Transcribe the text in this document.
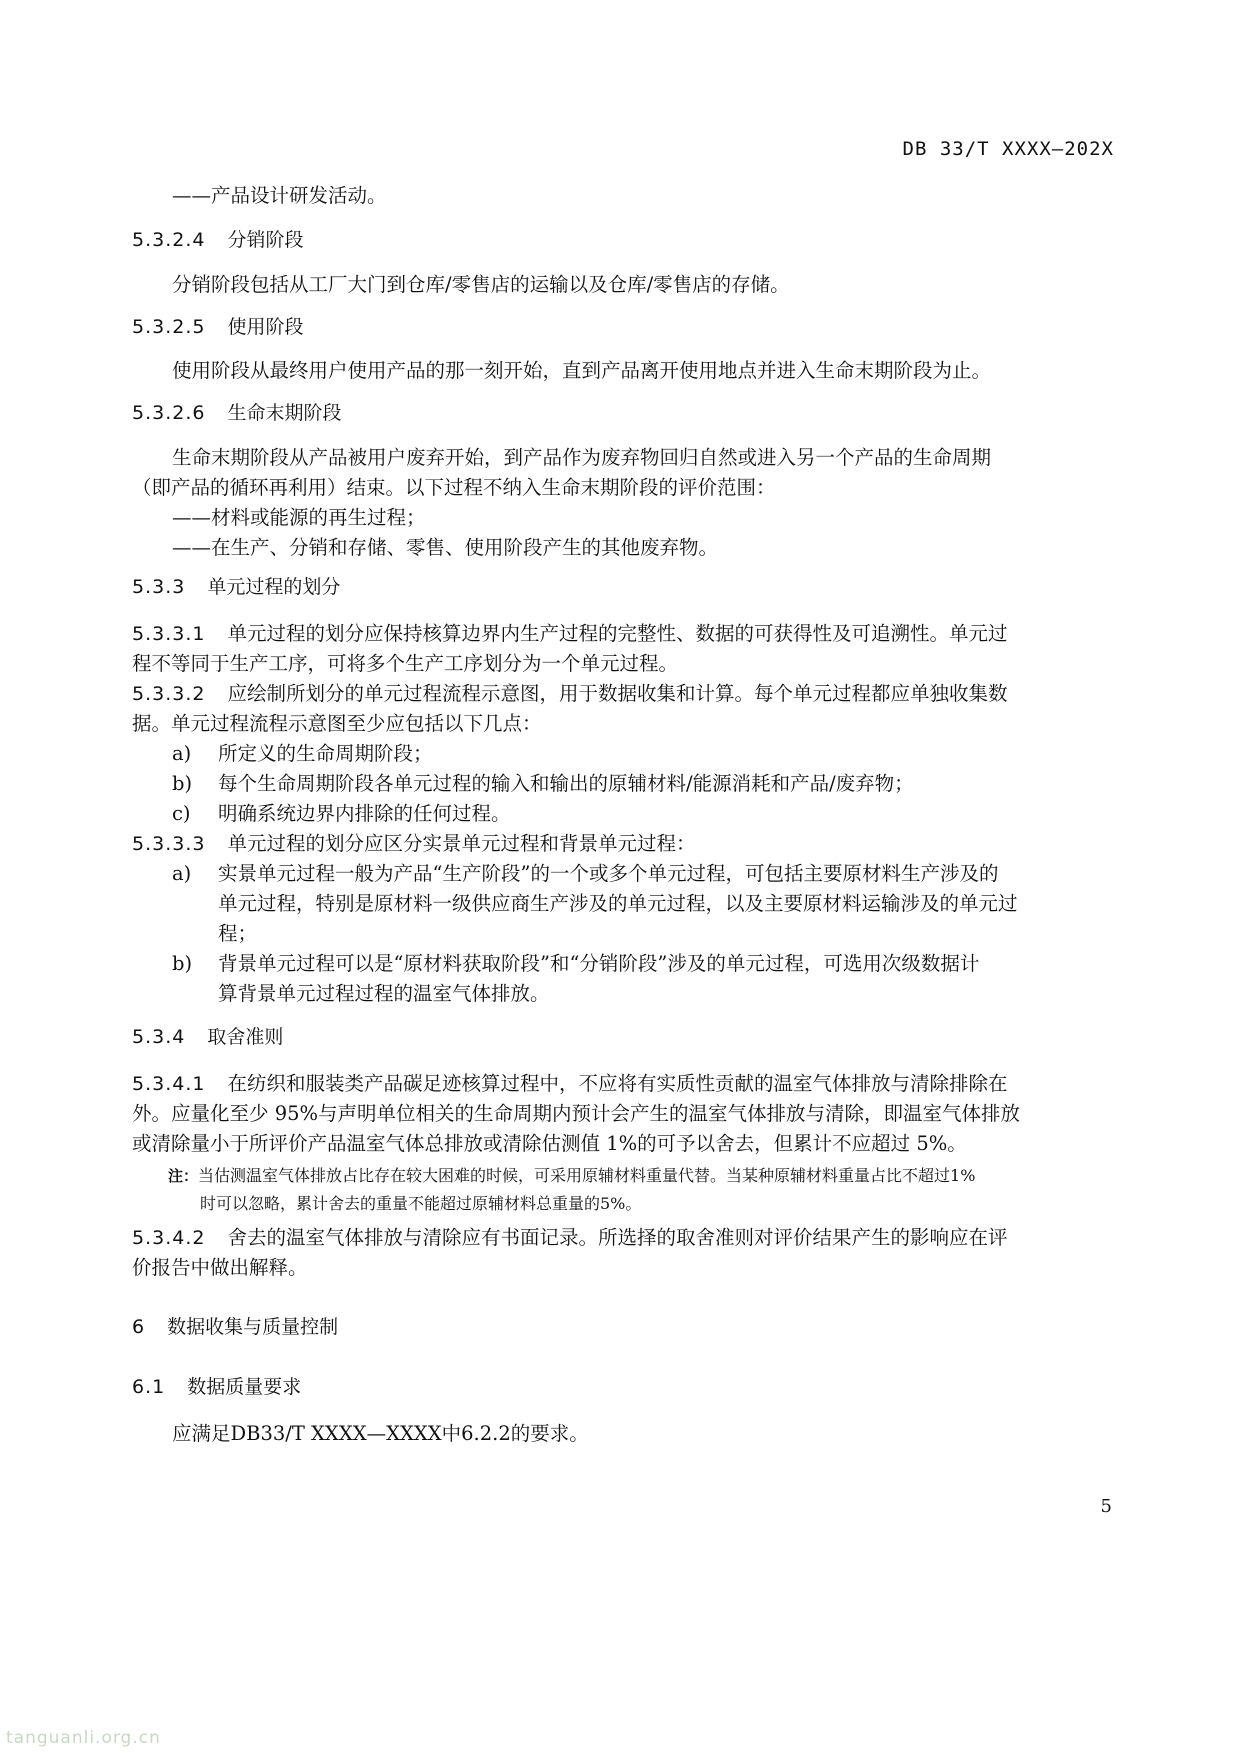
DB 33/T XXXX—202X
——产品设计研发活动。
5.3.2.4 分销阶段
分销阶段包括从工厂大门到仓库/零售店的运输以及仓库/零售店的存储。
5.3.2.5 使用阶段
使用阶段从最终用户使用产品的那一刻开始，直到产品离开使用地点并进入生命末期阶段为止。
5.3.2.6 生命末期阶段
生命末期阶段从产品被用户废弃开始，到产品作为废弃物回归自然或进入另一个产品的生命周期
（即产品的循环再利用）结束。以下过程不纳入生命末期阶段的评价范围：
——材料或能源的再生过程；
——在生产、分销和存储、零售、使用阶段产生的其他废弃物。
5.3.3 单元过程的划分
5.3.3.1 单元过程的划分应保持核算边界内生产过程的完整性、数据的可获得性及可追溯性。单元过
程不等同于生产工序，可将多个生产工序划分为一个单元过程。
5.3.3.2 应绘制所划分的单元过程流程示意图，用于数据收集和计算。每个单元过程都应单独收集数
据。单元过程流程示意图至少应包括以下几点：
a) 所定义的生命周期阶段；
b) 每个生命周期阶段各单元过程的输入和输出的原辅材料/能源消耗和产品/废弃物；
c) 明确系统边界内排除的任何过程。
5.3.3.3 单元过程的划分应区分实景单元过程和背景单元过程：
a) 实景单元过程一般为产品“生产阶段”的一个或多个单元过程，可包括主要原材料生产涉及的
单元过程，特别是原材料一级供应商生产涉及的单元过程，以及主要原材料运输涉及的单元过
程；
b) 背景单元过程可以是“原材料获取阶段”和“分销阶段”涉及的单元过程，可选用次级数据计
算背景单元过程过程的温室气体排放。
5.3.4 取舍准则
5.3.4.1 在纺织和服装类产品碳足迹核算过程中，不应将有实质性贡献的温室气体排放与清除排除在
外。应量化至少 95%与声明单位相关的生命周期内预计会产生的温室气体排放与清除，即温室气体排放
或清除量小于所评价产品温室气体总排放或清除估测值 1%的可予以舍去，但累计不应超过 5%。
注：当估测温室气体排放占比存在较大困难的时候，可采用原辅材料重量代替。当某种原辅材料重量占比不超过1%
时可以忽略，累计舍去的重量不能超过原辅材料总重量的5%。
5.3.4.2 舍去的温室气体排放与清除应有书面记录。所选择的取舍准则对评价结果产生的影响应在评
价报告中做出解释。
6 数据收集与质量控制
6.1 数据质量要求
应满足DB33/T XXXX—XXXX中6.2.2的要求。
5
tanguanli.org.cn
